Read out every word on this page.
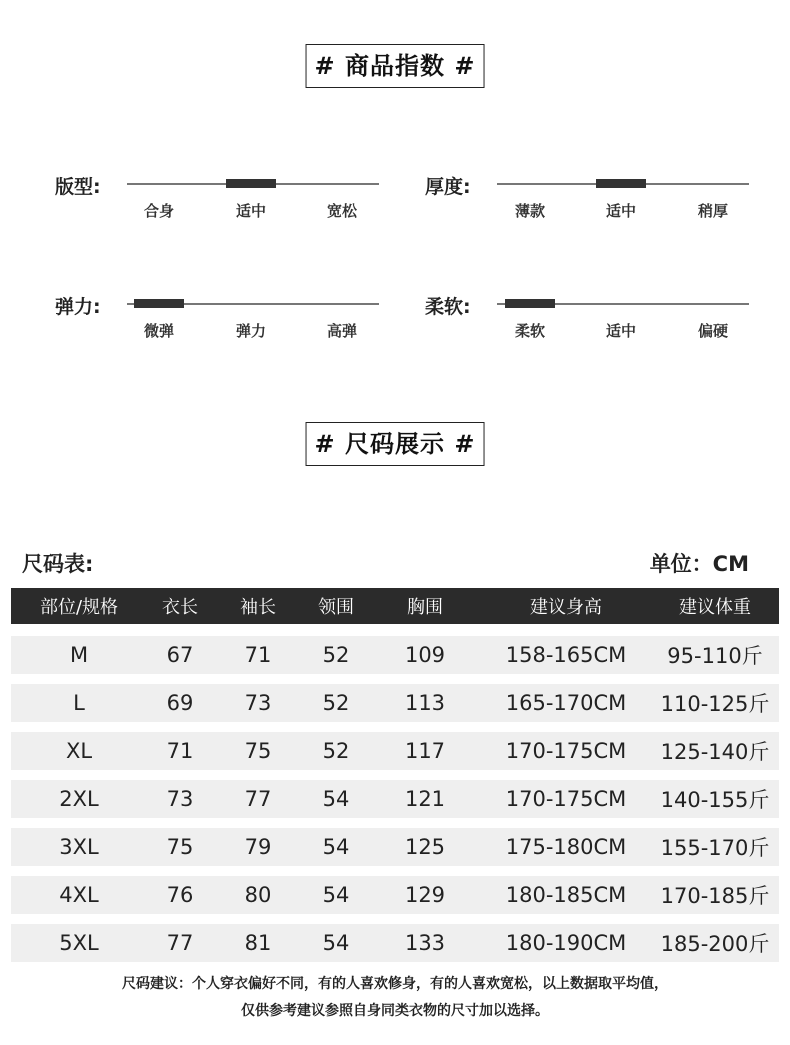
# 商品指数 #
版型:
合身	适中	宽松
厚度:
薄款	适中	稍厚
弹力:
微弹	弹力	高弹
柔软:
柔软	适中	偏硬
# 尺码展示 #
尺码表:	单位：CM
部位/规格	衣长	袖长	领围	胸围	建议身高	建议体重
M	67	71	52	109	158-165CM	95-110斤
L	69	73	52	113	165-170CM	110-125斤
XL	71	75	52	117	170-175CM	125-140斤
2XL	73	77	54	121	170-175CM	140-155斤
3XL	75	79	54	125	175-180CM	155-170斤
4XL	76	80	54	129	180-185CM	170-185斤
5XL	77	81	54	133	180-190CM	185-200斤
尺码建议：个人穿衣偏好不同，有的人喜欢修身，有的人喜欢宽松，以上数据取平均值，
仅供参考建议参照自身同类衣物的尺寸加以选择。
